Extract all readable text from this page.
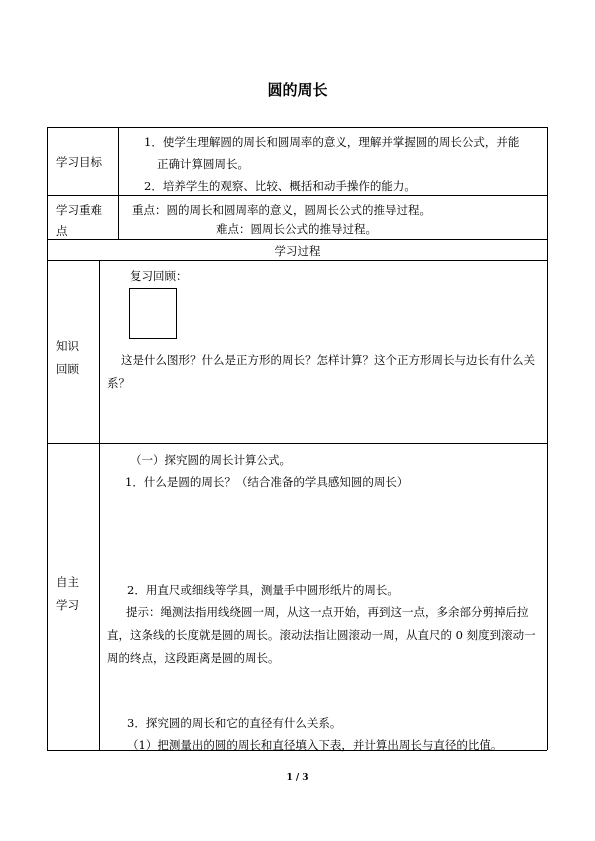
圆的周长
学习目标
1．使学生理解圆的周长和圆周率的意义，理解并掌握圆的周长公式，并能
正确计算圆周长。
2．培养学生的观察、比较、概括和动手操作的能力。
学习重难
点
重点：圆的周长和圆周率的意义，圆周长公式的推导过程。
难点：圆周长公式的推导过程。
学习过程
知识
回顾
复习回顾：
这是什么图形？什么是正方形的周长？怎样计算？这个正方形周长与边长有什么关系？
自主
学习
（一）探究圆的周长计算公式。
1．什么是圆的周长？（结合准备的学具感知圆的周长）
2．用直尺或细线等学具，测量手中圆形纸片的周长。
提示：绳测法指用线绕圆一周，从这一点开始，再到这一点，多余部分剪掉后拉直，这条线的长度就是圆的周长。滚动法指让圆滚动一周，从直尺的 0 刻度到滚动一周的终点，这段距离是圆的周长。
3．探究圆的周长和它的直径有什么关系。
（1）把测量出的圆的周长和直径填入下表，并计算出周长与直径的比值。
1 / 3
